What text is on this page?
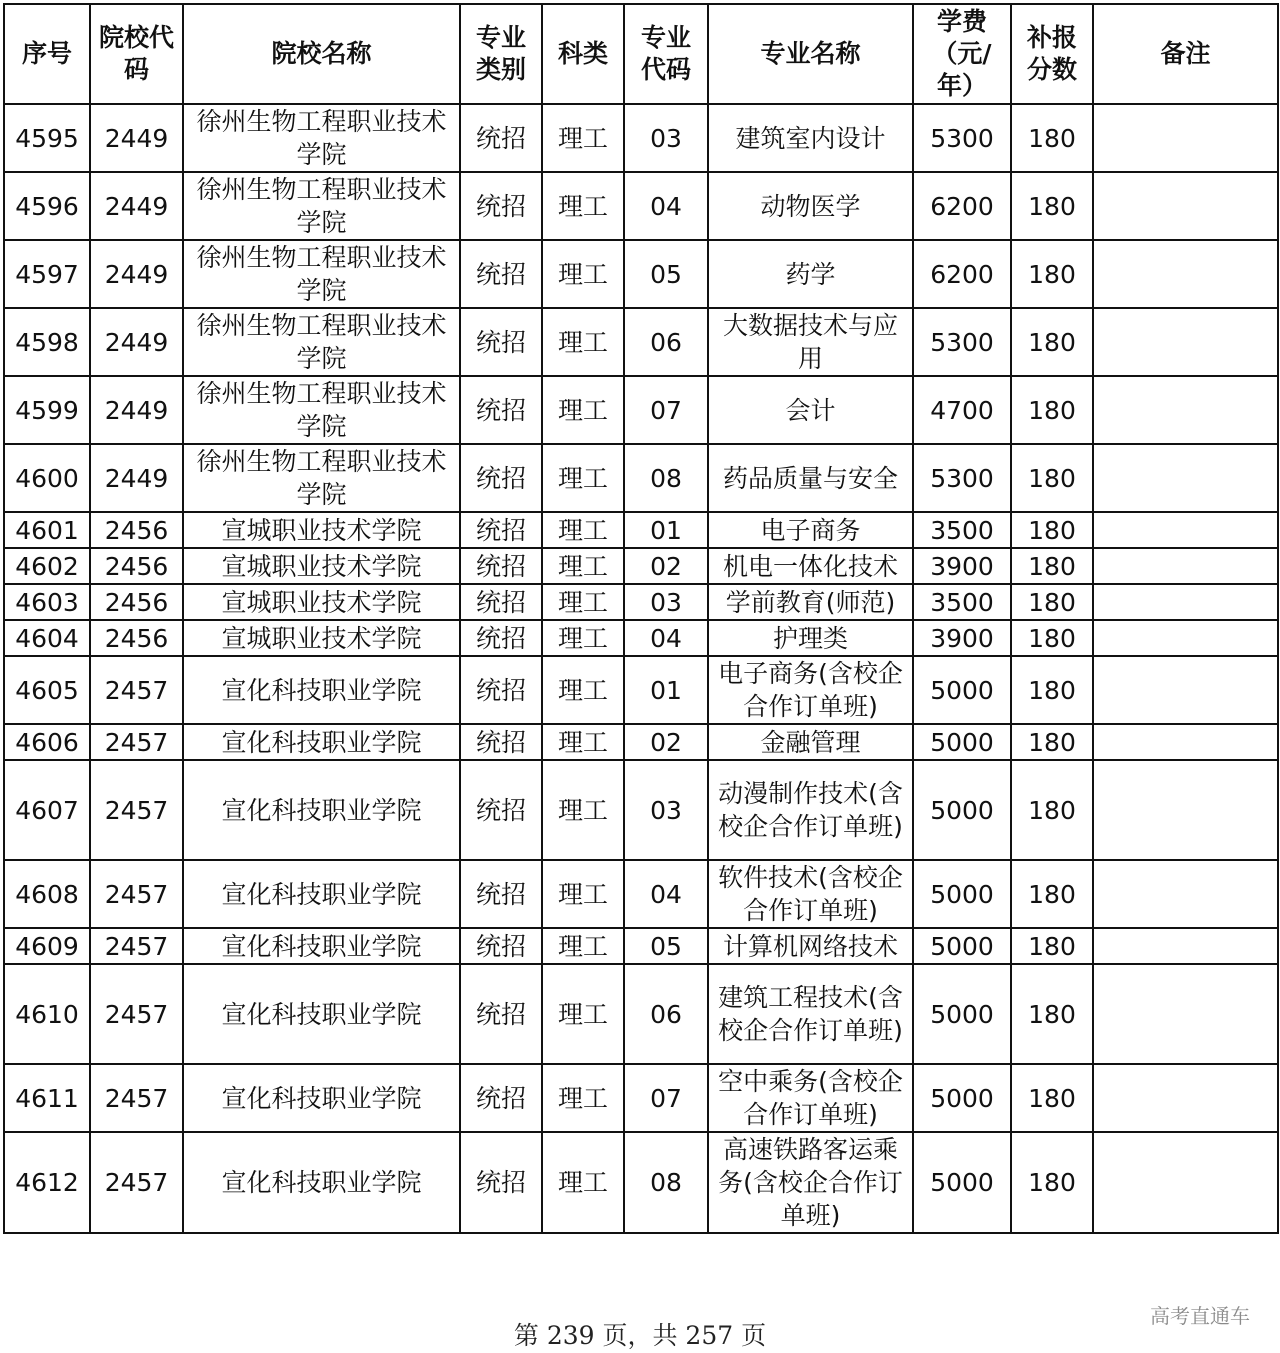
序号	院校代码	院校名称	专业类别	科类	专业代码	专业名称	学费（元/年）	补报分数	备注
4595	2449	徐州生物工程职业技术学院	统招	理工	03	建筑室内设计	5300	180	
4596	2449	徐州生物工程职业技术学院	统招	理工	04	动物医学	6200	180	
4597	2449	徐州生物工程职业技术学院	统招	理工	05	药学	6200	180	
4598	2449	徐州生物工程职业技术学院	统招	理工	06	大数据技术与应用	5300	180	
4599	2449	徐州生物工程职业技术学院	统招	理工	07	会计	4700	180	
4600	2449	徐州生物工程职业技术学院	统招	理工	08	药品质量与安全	5300	180	
4601	2456	宣城职业技术学院	统招	理工	01	电子商务	3500	180	
4602	2456	宣城职业技术学院	统招	理工	02	机电一体化技术	3900	180	
4603	2456	宣城职业技术学院	统招	理工	03	学前教育(师范)	3500	180	
4604	2456	宣城职业技术学院	统招	理工	04	护理类	3900	180	
4605	2457	宣化科技职业学院	统招	理工	01	电子商务(含校企合作订单班)	5000	180	
4606	2457	宣化科技职业学院	统招	理工	02	金融管理	5000	180	
4607	2457	宣化科技职业学院	统招	理工	03	动漫制作技术(含校企合作订单班)	5000	180	
4608	2457	宣化科技职业学院	统招	理工	04	软件技术(含校企合作订单班)	5000	180	
4609	2457	宣化科技职业学院	统招	理工	05	计算机网络技术	5000	180	
4610	2457	宣化科技职业学院	统招	理工	06	建筑工程技术(含校企合作订单班)	5000	180	
4611	2457	宣化科技职业学院	统招	理工	07	空中乘务(含校企合作订单班)	5000	180	
4612	2457	宣化科技职业学院	统招	理工	08	高速铁路客运乘务(含校企合作订单班)	5000	180	
第 239 页，共 257 页
高考直通车
